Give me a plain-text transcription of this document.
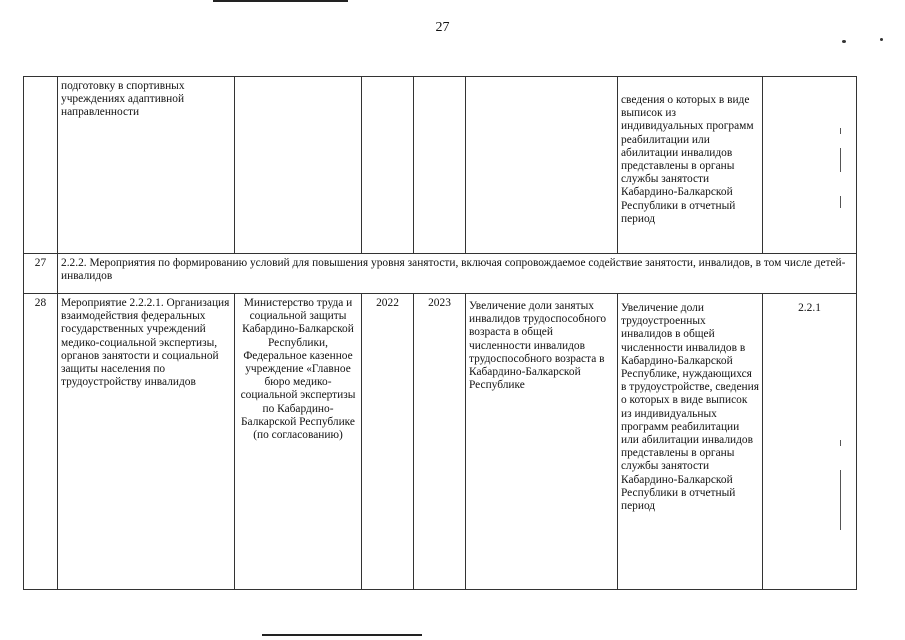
27
	подготовку в спортивных учреждениях адаптивной направленности					сведения о которых в виде выписок из индивидуальных программ реабилитации или абилитации инвалидов представлены в органы службы занятости Кабардино-Балкарской Республики в отчетный период	
27	2.2.2. Мероприятия по формированию условий для повышения уровня занятости, включая сопровождаемое содействие занятости, инвалидов, в том числе детей-инвалидов						
28	Мероприятие 2.2.2.1. Организация взаимодействия федеральных государственных учреждений медико-социальной экспертизы, органов занятости и социальной защиты населения по трудоустройству инвалидов	Министерство труда и социальной защиты Кабардино-Балкарской Республики, Федеральное казенное учреждение «Главное бюро медико-социальной экспертизы по Кабардино-Балкарской Республике (по согласованию)	2022	2023	Увеличение доли занятых инвалидов трудоспособного возраста в общей численности инвалидов трудоспособного возраста в Кабардино-Балкарской Республике	Увеличение доли трудоустроенных инвалидов в общей численности инвалидов в Кабардино-Балкарской Республике, нуждающихся в трудоустройстве, сведения о которых в виде выписок из индивидуальных программ реабилитации или абилитации инвалидов представлены в органы службы занятости Кабардино-Балкарской Республики в отчетный период	2.2.1
